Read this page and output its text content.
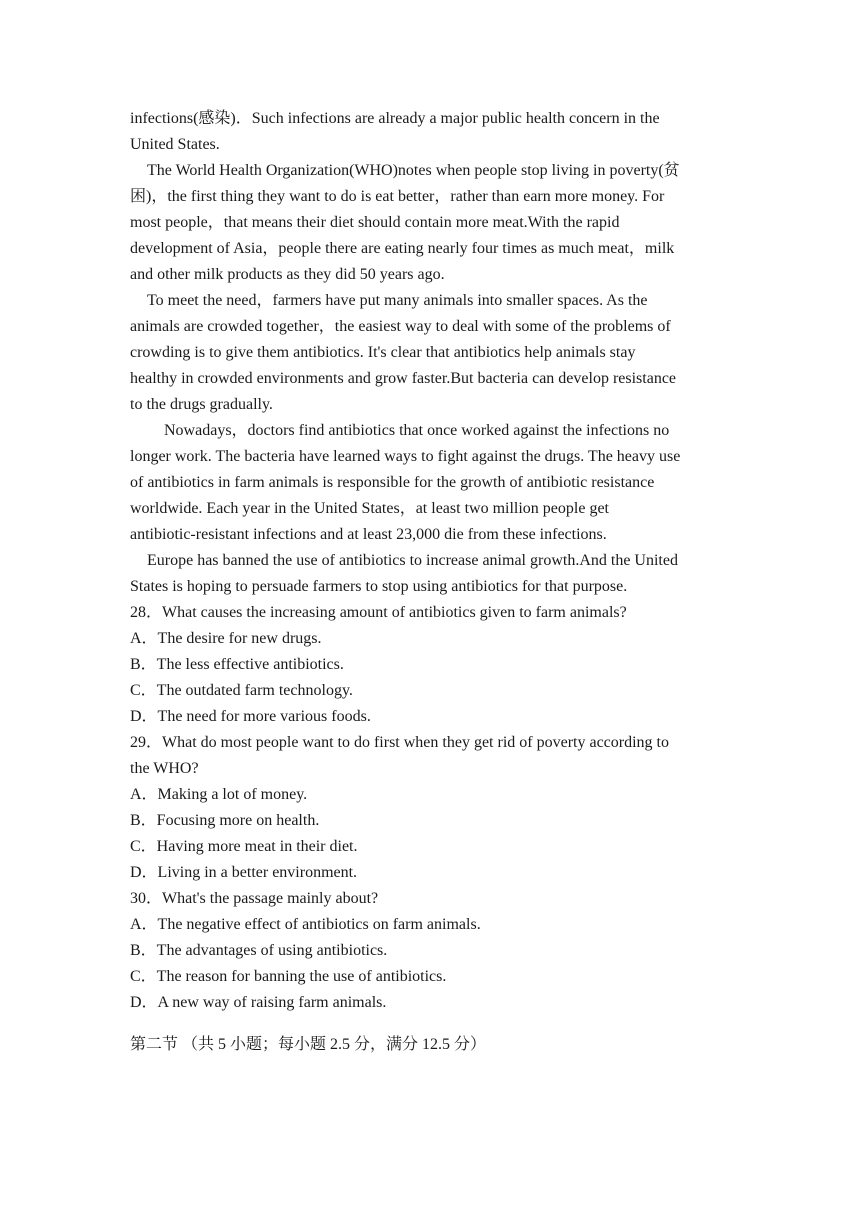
infections(感染)．Such infections are already a major public health concern in the
United States.
The World Health Organization(WHO)notes when people stop living in poverty(贫
困)，the first thing they want to do is eat better，rather than earn more money. For
most people，that means their diet should contain more meat.With the rapid
development of Asia，people there are eating nearly four times as much meat，milk
and other milk products as they did 50 years ago.
To meet the need，farmers have put many animals into smaller spaces. As the
animals are crowded together，the easiest way to deal with some of the problems of
crowding is to give them antibiotics. It's clear that antibiotics help animals stay
healthy in crowded environments and grow faster.But bacteria can develop resistance
to the drugs gradually.
Nowadays，doctors find antibiotics that once worked against the infections no
longer work. The bacteria have learned ways to fight against the drugs. The heavy use
of antibiotics in farm animals is responsible for the growth of antibiotic resistance
worldwide. Each year in the United States，at least two million people get
antibiotic-resistant infections and at least 23,000 die from these infections.
Europe has banned the use of antibiotics to increase animal growth.And the United
States is hoping to persuade farmers to stop using antibiotics for that purpose.
28．What causes the increasing amount of antibiotics given to farm animals?
A．The desire for new drugs.
B．The less effective antibiotics.
C．The outdated farm technology.
D．The need for more various foods.
29．What do most people want to do first when they get rid of poverty according to
the WHO?
A．Making a lot of money.
B．Focusing more on health.
C．Having more meat in their diet.
D．Living in a better environment.
30．What's the passage mainly about?
A．The negative effect of antibiotics on farm animals.
B．The advantages of using antibiotics.
C．The reason for banning the use of antibiotics.
D．A new way of raising farm animals.
第二节 （共 5 小题；每小题 2.5 分，满分 12.5 分）
